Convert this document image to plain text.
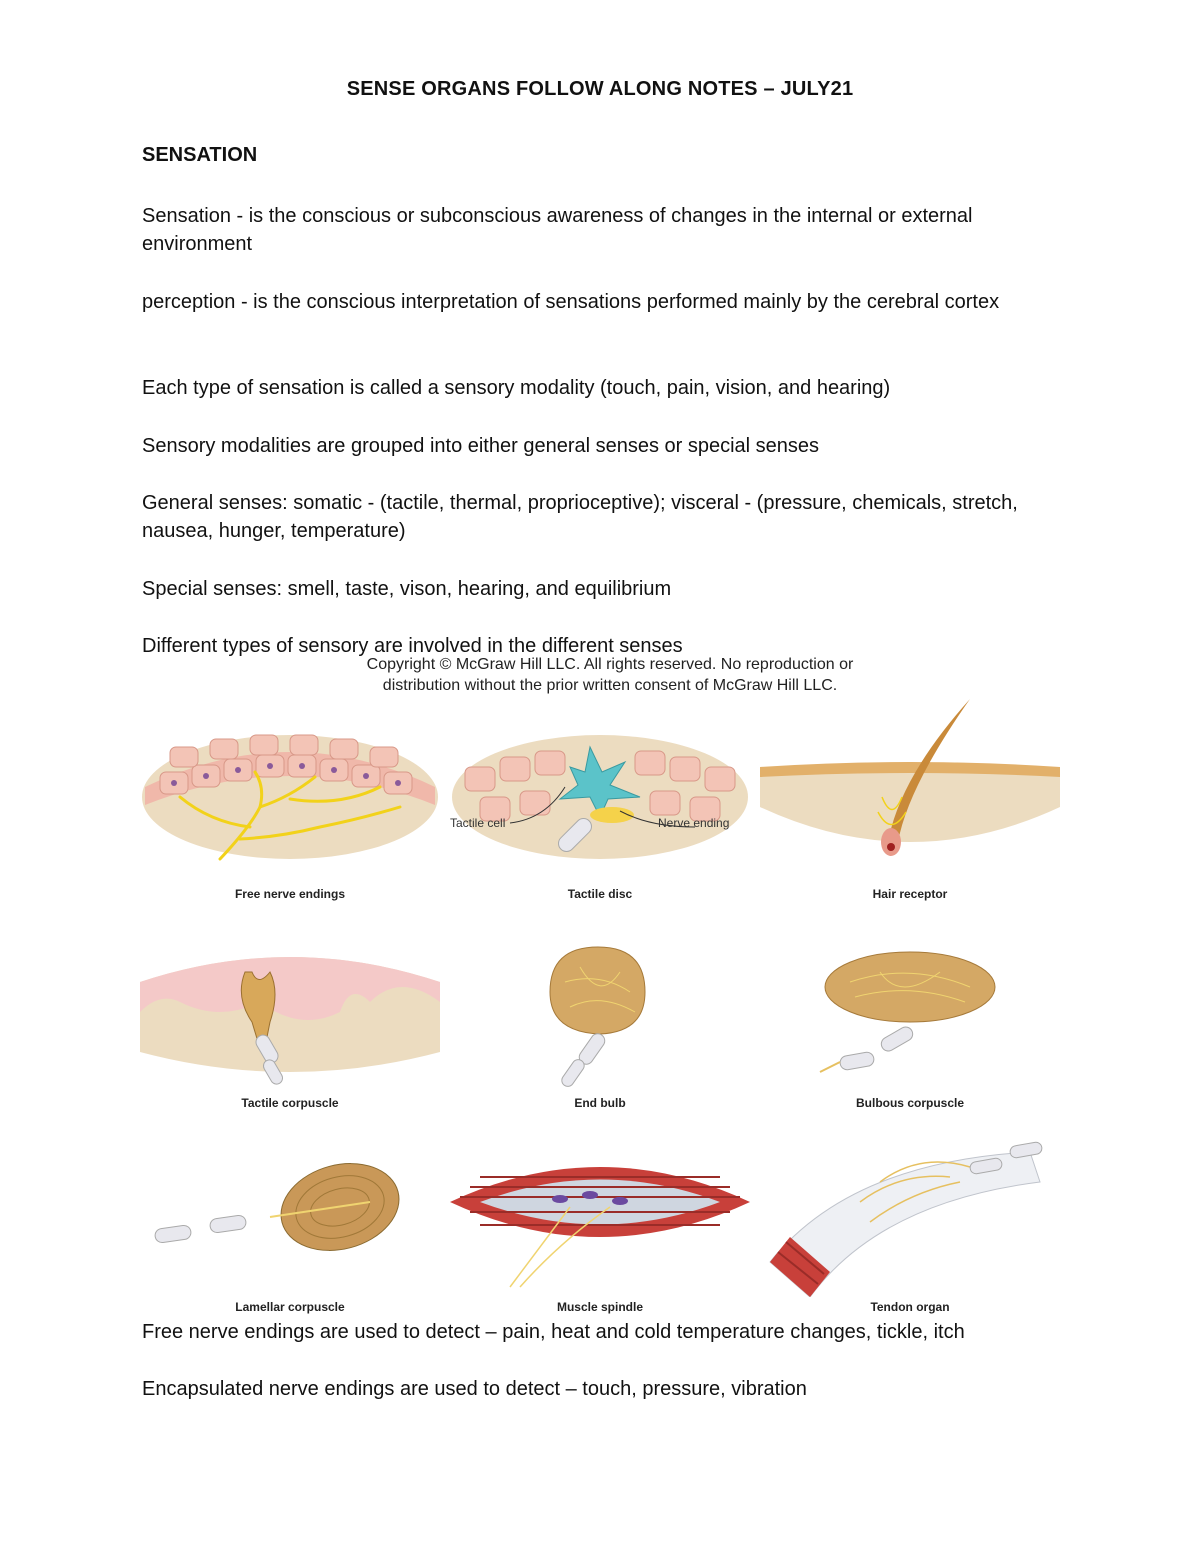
SENSE ORGANS FOLLOW ALONG NOTES – JULY21
SENSATION
Sensation - is the conscious or subconscious awareness of changes in the internal or external environment
perception - is the conscious interpretation of sensations performed mainly by the cerebral cortex
Each type of sensation is called a sensory modality (touch, pain, vision, and hearing)
Sensory modalities are grouped into either general senses or special senses
General senses: somatic - (tactile, thermal, proprioceptive); visceral - (pressure, chemicals, stretch, nausea, hunger, temperature)
Special senses: smell, taste, vison, hearing, and equilibrium
Different types of sensory are involved in the different senses
Copyright © McGraw Hill LLC. All rights reserved. No reproduction or distribution without the prior written consent of McGraw Hill LLC.
Free nerve endings
Tactile cell	Nerve ending
Tactile disc	Hair receptor
Tactile corpuscle	End bulb	Bulbous corpuscle
Lamellar corpuscle	Muscle spindle	Tendon organ
Free nerve endings are used to detect – pain, heat and cold temperature changes, tickle, itch
Encapsulated nerve endings are used to detect – touch, pressure, vibration
